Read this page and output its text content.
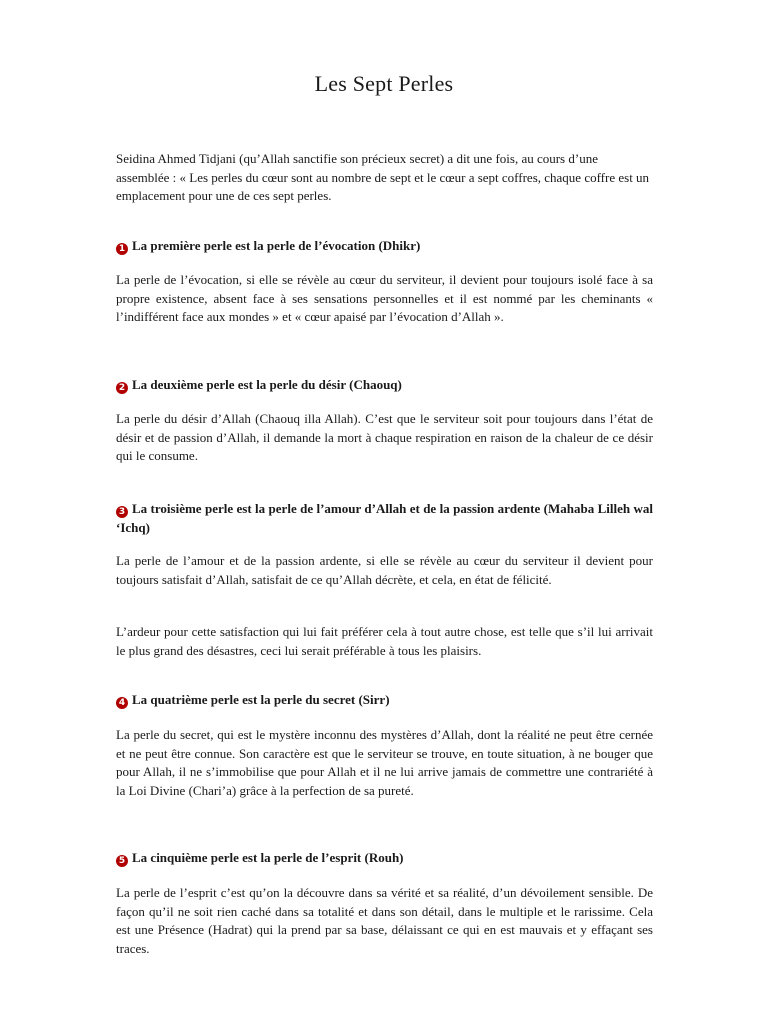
Les Sept Perles

Seidina Ahmed Tidjani (qu’Allah sanctifie son précieux secret) a dit une fois, au cours d’une assemblée : « Les perles du cœur sont au nombre de sept et le cœur a sept coffres, chaque coffre est un emplacement pour une de ces sept perles.

1 La première perle est la perle de l’évocation (Dhikr)

La perle de l’évocation, si elle se révèle au cœur du serviteur, il devient pour toujours isolé face à sa propre existence, absent face à ses sensations personnelles et il est nommé par les cheminants « l’indifférent face aux mondes » et « cœur apaisé par l’évocation d’Allah ».

2 La deuxième perle est la perle du désir (Chaouq)

La perle du désir d’Allah (Chaouq illa Allah). C’est que le serviteur soit pour toujours dans l’état de désir et de passion d’Allah, il demande la mort à chaque respiration en raison de la chaleur de ce désir qui le consume.

3 La troisième perle est la perle de l’amour d’Allah et de la passion ardente (Mahaba Lilleh wal ‘Ichq)

La perle de l’amour et de la passion ardente, si elle se révèle au cœur du serviteur il devient pour toujours satisfait d’Allah, satisfait de ce qu’Allah décrète, et cela, en état de félicité.

L’ardeur pour cette satisfaction qui lui fait préférer cela à tout autre chose, est telle que s’il lui arrivait le plus grand des désastres, ceci lui serait préférable à tous les plaisirs.

4 La quatrième perle est la perle du secret (Sirr)

La perle du secret, qui est le mystère inconnu des mystères d’Allah, dont la réalité ne peut être cernée et ne peut être connue. Son caractère est que le serviteur se trouve, en toute situation, à ne bouger que pour Allah, il ne s’immobilise que pour Allah et il ne lui arrive jamais de commettre une contrariété à la Loi Divine (Chari’a) grâce à la perfection de sa pureté.

5 La cinquième perle est la perle de l’esprit (Rouh)

La perle de l’esprit c’est qu’on la découvre dans sa vérité et sa réalité, d’un dévoilement sensible. De façon qu’il ne soit rien caché dans sa totalité et dans son détail, dans le multiple et le rarissime. Cela est une Présence (Hadrat) qui la prend par sa base, délaissant ce qui en est mauvais et y effaçant ses traces.
